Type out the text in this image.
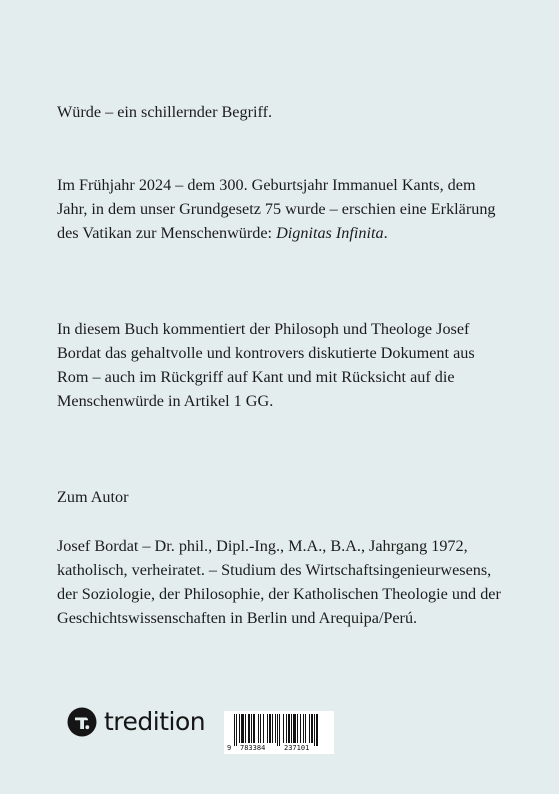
Würde – ein schillernder Begriff.

Im Frühjahr 2024 – dem 300. Geburtsjahr Immanuel Kants, dem Jahr, in dem unser Grundgesetz 75 wurde – erschien eine Erklärung des Vatikan zur Menschenwürde: Dignitas Infinita.

In diesem Buch kommentiert der Philosoph und Theologe Josef Bordat das gehaltvolle und kontrovers diskutierte Dokument aus Rom – auch im Rückgriff auf Kant und mit Rücksicht auf die Menschenwürde in Artikel 1 GG.

Zum Autor

Josef Bordat – Dr. phil., Dipl.-Ing., M.A., B.A., Jahrgang 1972, katholisch, verheiratet. – Studium des Wirtschaftsingenieurwesens, der Soziologie, der Philosophie, der Katholischen Theologie und der Geschichtswissenschaften in Berlin und Arequipa/Perú.

tredition
9 783384	237101
